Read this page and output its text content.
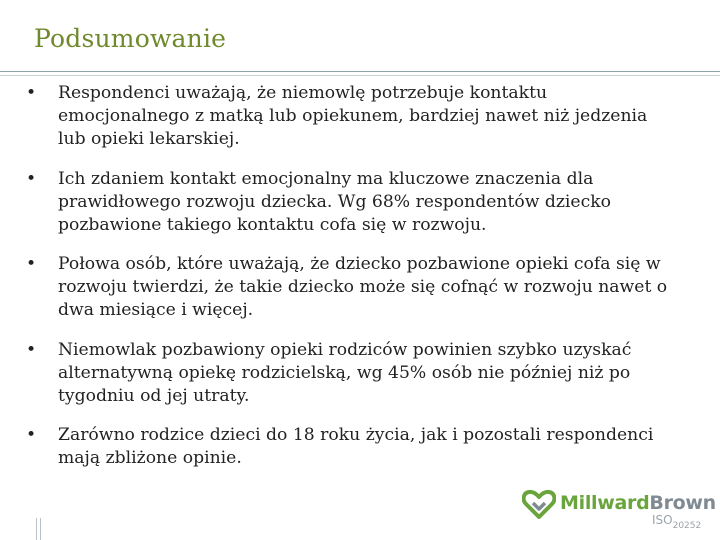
Podsumowanie
•	Respondenci uważają, że niemowlę potrzebuje kontaktu emocjonalnego z matką lub opiekunem, bardziej nawet niż jedzenia lub opieki lekarskiej.
•	Ich zdaniem kontakt emocjonalny ma kluczowe znaczenia dla prawidłowego rozwoju dziecka. Wg 68% respondentów dziecko pozbawione takiego kontaktu cofa się w rozwoju.
•	Połowa osób, które uważają, że dziecko pozbawione opieki cofa się w rozwoju twierdzi, że takie dziecko może się cofnąć w rozwoju nawet o dwa miesiące i więcej.
•	Niemowlak pozbawiony opieki rodziców powinien szybko uzyskać alternatywną opiekę rodzicielską, wg 45% osób nie później niż po tygodniu od jej utraty.
•	Zarówno rodzice dzieci do 18 roku życia, jak i pozostali respondenci mają zbliżone opinie.
MillwardBrown
$ISO_{20252}$
